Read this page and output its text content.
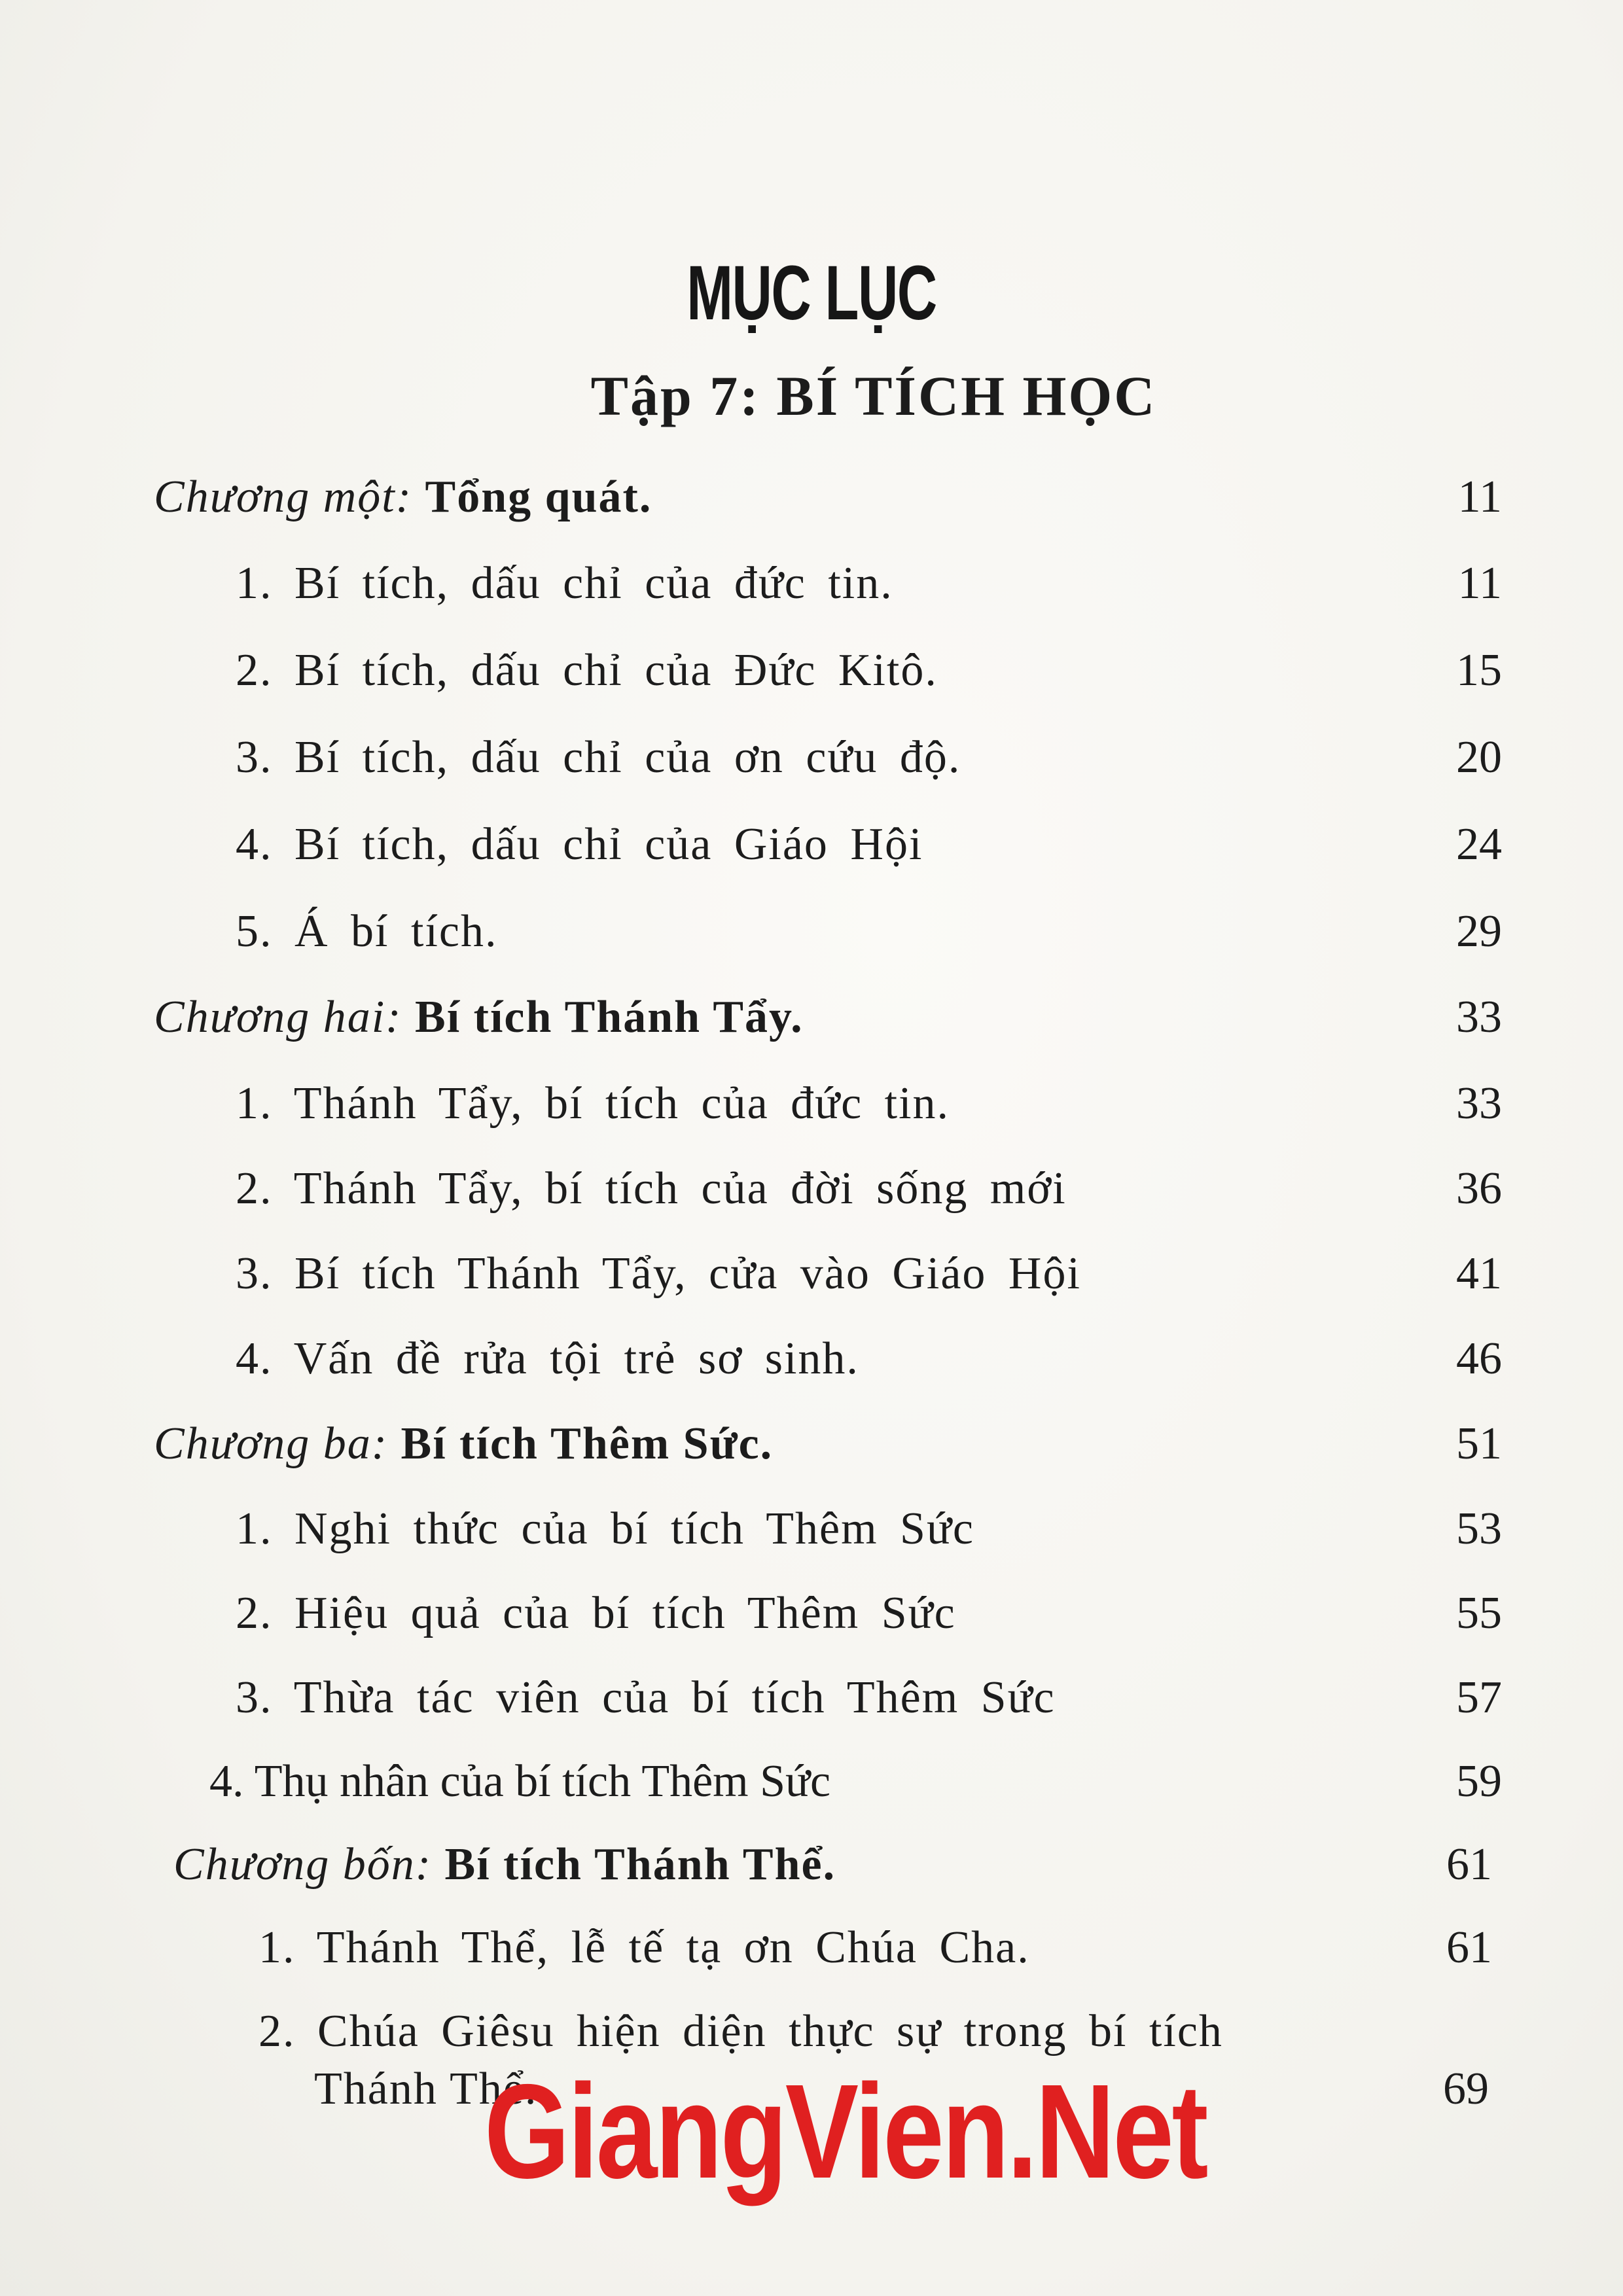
MỤC LỤC
Tập 7: BÍ TÍCH HỌC
Chương một: Tổng quát.	11
1. Bí tích, dấu chỉ của đức tin.	11
2. Bí tích, dấu chỉ của Đức Kitô.	15
3. Bí tích, dấu chỉ của ơn cứu độ.	20
4. Bí tích, dấu chỉ của Giáo Hội	24
5. Á bí tích.	29
Chương hai: Bí tích Thánh Tẩy.	33
1. Thánh Tẩy, bí tích của đức tin.	33
2. Thánh Tẩy, bí tích của đời sống mới	36
3. Bí tích Thánh Tẩy, cửa vào Giáo Hội	41
4. Vấn đề rửa tội trẻ sơ sinh.	46
Chương ba: Bí tích Thêm Sức.	51
1. Nghi thức của bí tích Thêm Sức	53
2. Hiệu quả của bí tích Thêm Sức	55
3. Thừa tác viên của bí tích Thêm Sức	57
4. Thụ nhân của bí tích Thêm Sức	59
Chương bốn: Bí tích Thánh Thể.	61
1. Thánh Thể, lễ tế tạ ơn Chúa Cha.	61
2. Chúa Giêsu hiện diện thực sự trong bí tích
Thánh Thể.	69
GiangVien.Net
